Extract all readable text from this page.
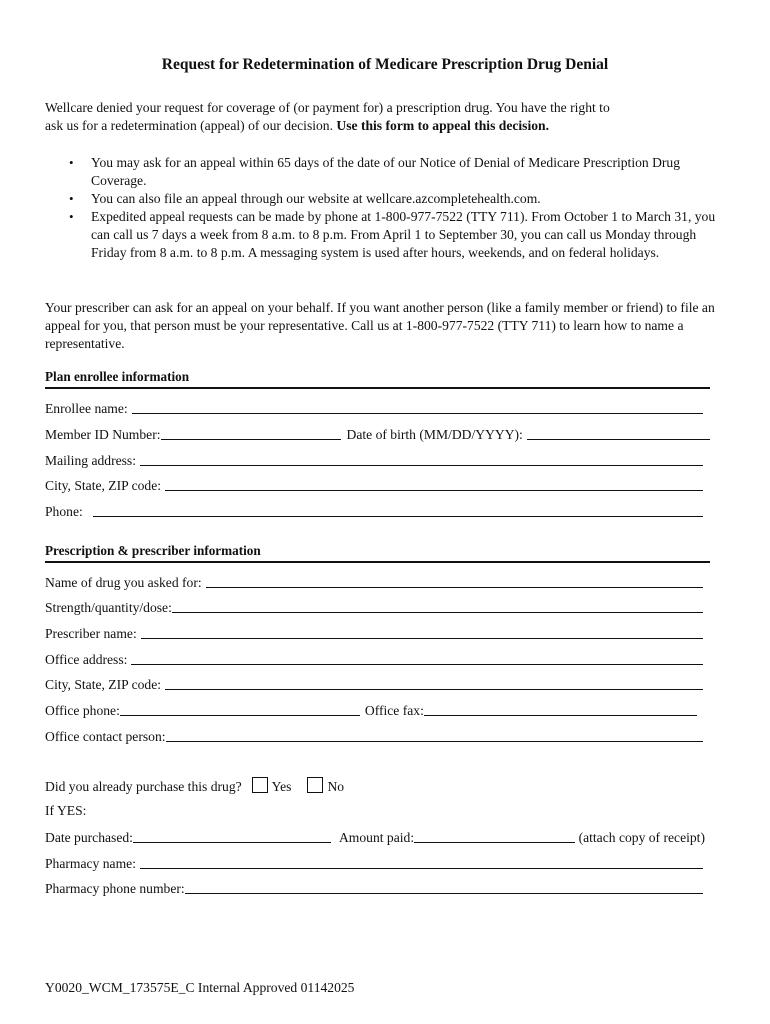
Request for Redetermination of Medicare Prescription Drug Denial
Wellcare denied your request for coverage of (or payment for) a prescription drug. You have the right to
ask us for a redetermination (appeal) of our decision. Use this form to appeal this decision.
• You may ask for an appeal within 65 days of the date of our Notice of Denial of Medicare Prescription Drug Coverage.
• You can also file an appeal through our website at wellcare.azcompletehealth.com.
• Expedited appeal requests can be made by phone at 1-800-977-7522 (TTY 711). From October 1 to March 31, you can call us 7 days a week from 8 a.m. to 8 p.m. From April 1 to September 30, you can call us Monday through Friday from 8 a.m. to 8 p.m. A messaging system is used after hours, weekends, and on federal holidays.
Your prescriber can ask for an appeal on your behalf. If you want another person (like a family member or friend) to file an appeal for you, that person must be your representative. Call us at 1-800-977-7522 (TTY 711) to learn how to name a representative.
Plan enrollee information
Enrollee name:
Member ID Number:	Date of birth (MM/DD/YYYY):
Mailing address:
City, State, ZIP code:
Phone:
Prescription & prescriber information
Name of drug you asked for:
Strength/quantity/dose:
Prescriber name:
Office address:
City, State, ZIP code:
Office phone:	Office fax:
Office contact person:
Did you already purchase this drug? Yes	No
If YES:
Date purchased:	Amount paid:	(attach copy of receipt)
Pharmacy name:
Pharmacy phone number:
Y0020_WCM_173575E_C Internal Approved 01142025
